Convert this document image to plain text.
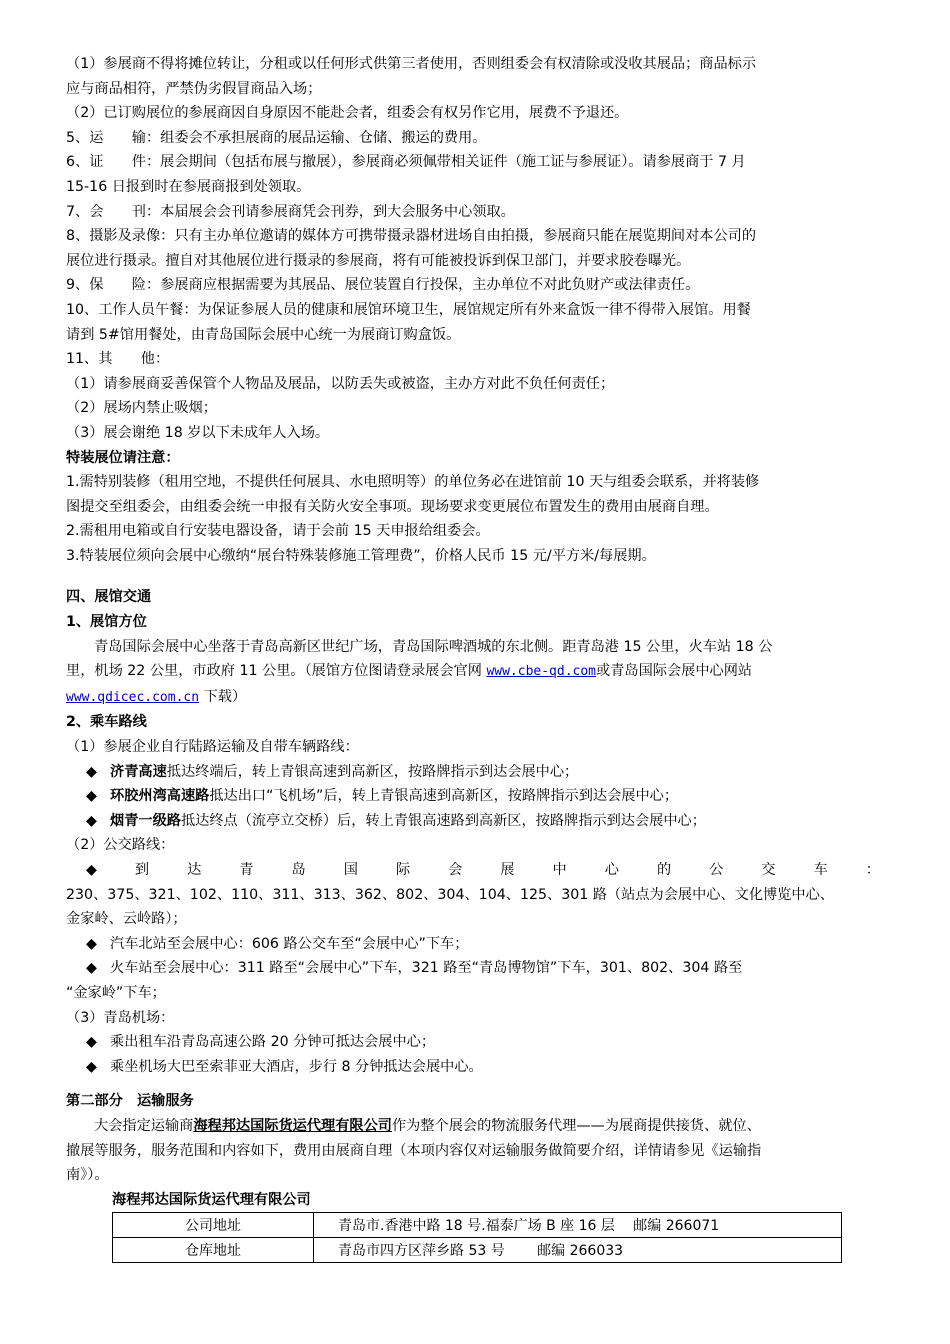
（1）参展商不得将摊位转让，分租或以任何形式供第三者使用，否则组委会有权清除或没收其展品；商品标示
应与商品相符，严禁伪劣假冒商品入场；
（2）已订购展位的参展商因自身原因不能赴会者，组委会有权另作它用，展费不予退还。
5、运　　输：组委会不承担展商的展品运输、仓储、搬运的费用。
6、证　　件：展会期间（包括布展与撤展），参展商必须佩带相关证件（施工证与参展证）。请参展商于 7 月
15-16 日报到时在参展商报到处领取。
7、会　　刊：本届展会会刊请参展商凭会刊券，到大会服务中心领取。
8、摄影及录像：只有主办单位邀请的媒体方可携带摄录器材进场自由拍摄，参展商只能在展览期间对本公司的
展位进行摄录。擅自对其他展位进行摄录的参展商，将有可能被投诉到保卫部门，并要求胶卷曝光。
9、保　　险：参展商应根据需要为其展品、展位装置自行投保，主办单位不对此负财产或法律责任。
10、工作人员午餐：为保证参展人员的健康和展馆环境卫生，展馆规定所有外来盒饭一律不得带入展馆。用餐
请到 5#馆用餐处，由青岛国际会展中心统一为展商订购盒饭。
11、其　　他：
（1）请参展商妥善保管个人物品及展品，以防丢失或被盗，主办方对此不负任何责任；
（2）展场内禁止吸烟；
（3）展会谢绝 18 岁以下未成年人入场。
特装展位请注意：
1.需特别装修（租用空地，不提供任何展具、水电照明等）的单位务必在进馆前 10 天与组委会联系，并将装修
图提交至组委会，由组委会统一申报有关防火安全事项。现场要求变更展位布置发生的费用由展商自理。
2.需租用电箱或自行安装电器设备，请于会前 15 天申报给组委会。
3.特装展位须向会展中心缴纳“展台特殊装修施工管理费”，价格人民币 15 元/平方米/每展期。
四、展馆交通
1、展馆方位
青岛国际会展中心坐落于青岛高新区世纪广场，青岛国际啤酒城的东北侧。距青岛港 15 公里，火车站 18 公
里，机场 22 公里，市政府 11 公里。（展馆方位图请登录展会官网 www.cbe-qd.com或青岛国际会展中心网站
www.qdicec.com.cn 下载）
2、乘车路线
（1）参展企业自行陆路运输及自带车辆路线：
◆ 济青高速抵达终端后，转上青银高速到高新区，按路牌指示到达会展中心；
◆ 环胶州湾高速路抵达出口“飞机场”后，转上青银高速到高新区，按路牌指示到达会展中心；
◆ 烟青一级路抵达终点（流亭立交桥）后，转上青银高速路到高新区，按路牌指示到达会展中心；
（2）公交路线：
◆	到	达	青	岛	国	际	会	展	中	心	的	公	交	车	：
230、375、321、102、110、311、313、362、802、304、104、125、301 路（站点为会展中心、文化博览中心、
金家岭、云岭路）；
◆ 汽车北站至会展中心：606 路公交车至“会展中心”下车；
◆ 火车站至会展中心：311 路至“会展中心”下车，321 路至“青岛博物馆”下车，301、802、304 路至
“金家岭”下车；
（3）青岛机场：
◆ 乘出租车沿青岛高速公路 20 分钟可抵达会展中心；
◆ 乘坐机场大巴至索菲亚大酒店，步行 8 分钟抵达会展中心。
第二部分　运输服务
大会指定运输商海程邦达国际货运代理有限公司作为整个展会的物流服务代理——为展商提供接货、就位、
撤展等服务，服务范围和内容如下，费用由展商自理（本项内容仅对运输服务做简要介绍，详情请参见《运输指
南》）。
海程邦达国际货运代理有限公司
公司地址	青岛市.香港中路 18 号.福泰广场 B 座 16 层　 邮编 266071
仓库地址	青岛市四方区萍乡路 53 号　　 邮编 266033
